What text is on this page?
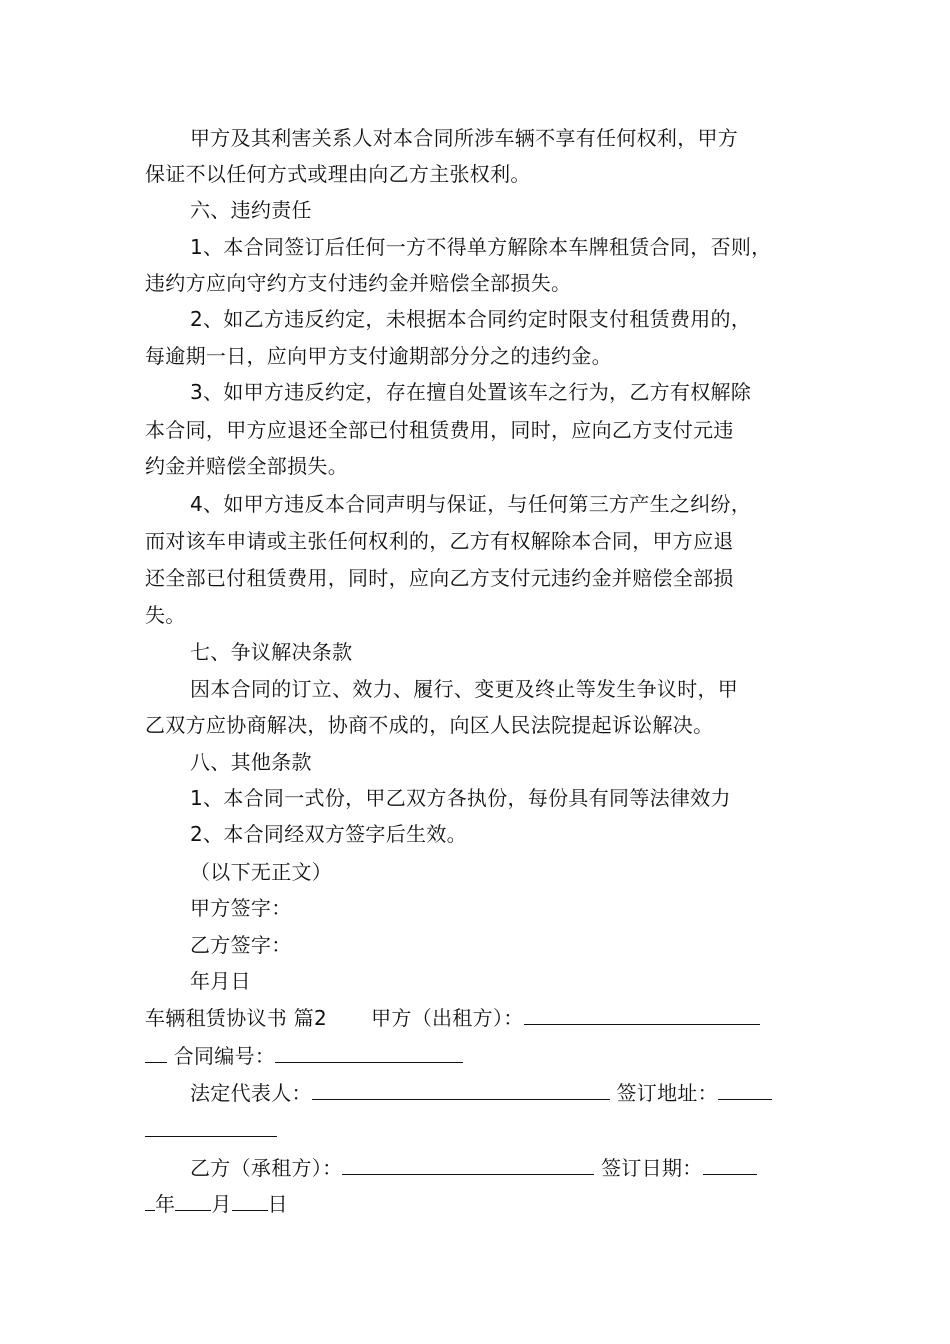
甲方及其利害关系人对本合同所涉车辆不享有任何权利，甲方
保证不以任何方式或理由向乙方主张权利。
六、违约责任
1、本合同签订后任何一方不得单方解除本车牌租赁合同，否则，
违约方应向守约方支付违约金并赔偿全部损失。
2、如乙方违反约定，未根据本合同约定时限支付租赁费用的，
每逾期一日，应向甲方支付逾期部分分之的违约金。
3、如甲方违反约定，存在擅自处置该车之行为，乙方有权解除
本合同，甲方应退还全部已付租赁费用，同时，应向乙方支付元违
约金并赔偿全部损失。
4、如甲方违反本合同声明与保证，与任何第三方产生之纠纷，
而对该车申请或主张任何权利的，乙方有权解除本合同，甲方应退
还全部已付租赁费用，同时，应向乙方支付元违约金并赔偿全部损
失。
七、争议解决条款
因本合同的订立、效力、履行、变更及终止等发生争议时，甲
乙双方应协商解决，协商不成的，向区人民法院提起诉讼解决。
八、其他条款
1、本合同一式份，甲乙双方各执份，每份具有同等法律效力
2、本合同经双方签字后生效。
（以下无正文）
甲方签字：
乙方签字：
年月日
车辆租赁协议书 篇2 甲方（出租方）：
合同编号：
法定代表人：	签订地址：
乙方（承租方）：	签订日期：
年 月 日
